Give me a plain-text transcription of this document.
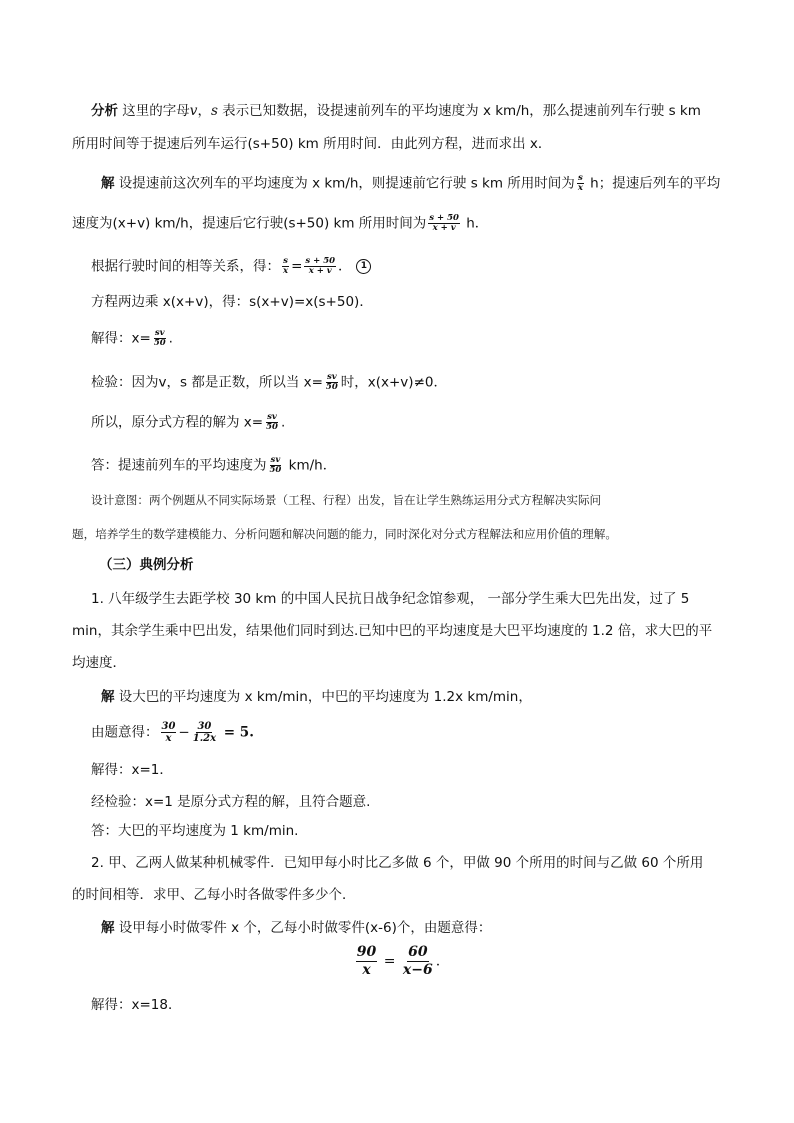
分析 这里的字母v，s 表示已知数据，设提速前列车的平均速度为 x km/h，那么提速前列车行驶 s km
所用时间等于提速后列车运行(s+50) km 所用时间．由此列方程，进而求出 x．
解 设提速前这次列车的平均速度为 x km/h，则提速前它行驶 s km 所用时间为 $\frac{s}{x}$ h；提速后列车的平均
速度为(x+v) km/h，提速后它行驶(s+50) km 所用时间为 $\frac{s + 50}{x + v}$ h．
根据行驶时间的相等关系，得： $\frac{s}{x} = \frac{s + 50}{x + v}$ . 1
方程两边乘 x(x+v)，得：s(x+v)=x(s+50)．
解得：$x= \frac{sv}{50}$ .
检验：因为v，s 都是正数，所以当 $x= \frac{sv}{50}$ 时，x(x+v)≠0．
所以，原分式方程的解为 $x= \frac{sv}{50}$ .
答：提速前列车的平均速度为 $\frac{sv}{50} km/h$．
设计意图：两个例题从不同实际场景（工程、行程）出发，旨在让学生熟练运用分式方程解决实际问
题，培养学生的数学建模能力、分析问题和解决问题的能力，同时深化对分式方程解法和应用价值的理解。
（三）典例分析
1. 八年级学生去距学校 30 km 的中国人民抗日战争纪念馆参观， 一部分学生乘大巴先出发，过了 5
min，其余学生乘中巴出发，结果他们同时到达.已知中巴的平均速度是大巴平均速度的 1.2 倍，求大巴的平
均速度．
解 设大巴的平均速度为 x km/min，中巴的平均速度为 1.2x km/min，
由题意得： $\frac{30}{x} - \frac{30}{1.2x} = 5$.
解得：x=1．
经检验：x=1 是原分式方程的解，且符合题意.
答：大巴的平均速度为 1 km/min.
2. 甲、乙两人做某种机械零件．已知甲每小时比乙多做 6 个，甲做 90 个所用的时间与乙做 60 个所用
的时间相等．求甲、乙每小时各做零件多少个．
解 设甲每小时做零件 x 个，乙每小时做零件(x-6)个，由题意得：
$\frac{90}{x} = \frac{60}{x-6}$ .
解得：x=18．
